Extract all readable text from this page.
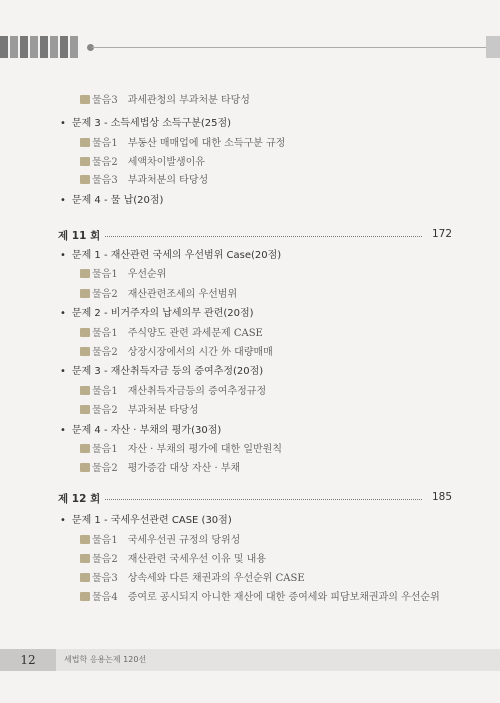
물음3 과세관청의 부과처분 타당성
• 문제 3 - 소득세법상 소득구분(25점)
물음1 부동산 매매업에 대한 소득구분 규정
물음2 세액차이발생이유
물음3 부과처분의 타당성
• 문제 4 - 물 납(20점)
제 11 회	172
• 문제 1 - 재산관련 국세의 우선범위 Case(20점)
물음1 우선순위
물음2 재산관련조세의 우선범위
• 문제 2 - 비거주자의 납세의무 관련(20점)
물음1 주식양도 관련 과세문제 CASE
물음2 상장시장에서의 시간 外 대량매매
• 문제 3 - 재산취득자금 등의 증여추정(20점)
물음1 재산취득자금등의 증여추정규정
물음2 부과처분 타당성
• 문제 4 - 자산 · 부채의 평가(30점)
물음1 자산 · 부채의 평가에 대한 일반원칙
물음2 평가증감 대상 자산 · 부채
제 12 회	185
• 문제 1 - 국세우선관련 CASE (30점)
물음1 국세우선권 규정의 당위성
물음2 재산관련 국세우선 이유 및 내용
물음3 상속세와 다른 채권과의 우선순위 CASE
물음4 증여로 공시되지 아니한 재산에 대한 증여세와 피담보채권과의 우선순위
12	세법학 응용논제 120선
